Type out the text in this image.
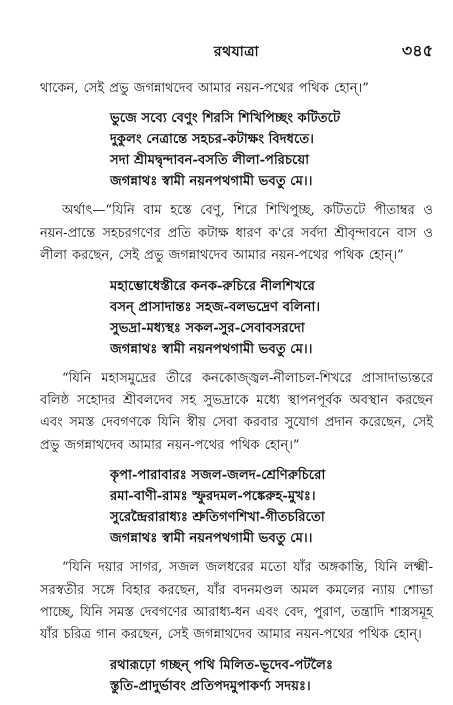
রথযাত্রা	৩৪৫

থাকেন, সেই প্রভু জগন্নাথদেব আমার নয়ন-পথের পথিক হোন্।”

ভুজে সব্যে বেণুং শিরসি শিখিপিচ্ছং কটিতটে
দুকুলং নেত্রান্তে সহচর-কটাক্ষং বিদধতে।
সদা শ্রীমদ্বৃন্দাবন-বসতি লীলা-পরিচয়ো
জগন্নাথঃ স্বামী নয়নপথগামী ভবতু মে।।

অর্থাৎ—“যিনি বাম হস্তে বেণু, শিরে শিখিপুচ্ছ, কটিতটে পীতাম্বর ও নয়ন-প্রান্তে সহচরগণের প্রতি কটাক্ষ ধারণ ক'রে সর্বদা শ্রীবৃন্দাবনে বাস ও লীলা করছেন, সেই প্রভু জগন্নাথদেব আমার নয়ন-পথের পথিক হোন্।”

মহাম্ভোধেস্তীরে কনক-রুচিরে নীলশিখরে
বসন্ প্রাসাদান্তঃ সহজ-বলভদ্রেণ বলিনা।
সুভদ্রা-মধ্যস্থঃ সকল-সুর-সেবাবসরদো
জগন্নাথঃ স্বামী নয়নপথগামী ভবতু মে।।

“যিনি মহাসমুদ্রের তীরে কনকোজ্জ্বল-নীলাচল-শিখরে প্রাসাদাভ্যন্তরে বলিষ্ঠ সহোদর শ্রীবলদেব সহ সুভদ্রাকে মধ্যে স্থাপনপূর্বক অবস্থান করছেন এবং সমস্ত দেবগণকে যিনি স্বীয় সেবা করবার সুযোগ প্রদান করেছেন, সেই প্রভু জগন্নাথদেব আমার নয়ন-পথের পথিক হোন্।”

কৃপা-পারাবারঃ সজল-জলদ-শ্রেণিরুচিরো
রমা-বাণী-রামঃ স্ফুরদমল-পঙ্কেরুহ-মুখঃ।
সুরেন্দ্রৈরারাধ্যঃ শ্রুতিগণশিখা-গীতচরিতো
জগন্নাথঃ স্বামী নয়নপথগামী ভবতু মে।।

“যিনি দয়ার সাগর, সজল জলধরের মতো যাঁর অঙ্গকান্তি, যিনি লক্ষ্মী-সরস্বতীর সঙ্গে বিহার করছেন, যাঁর বদনমণ্ডল অমল কমলের ন্যায় শোভা পাচ্ছে, যিনি সমস্ত দেবগণের আরাধ্য-ধন এবং বেদ, পুরাণ, তন্ত্রাদি শাস্ত্রসমূহ যাঁর চরিত্র গান করছেন, সেই জগন্নাথদেব আমার নয়ন-পথের পথিক হোন্।

রথারূঢ়ো গচ্ছন্ পথি মিলিত-ভূদেব-পটলৈঃ
স্তুতি-প্রাদুর্ভাবং প্রতিপদমুপাকর্ণ্য সদয়ঃ।
